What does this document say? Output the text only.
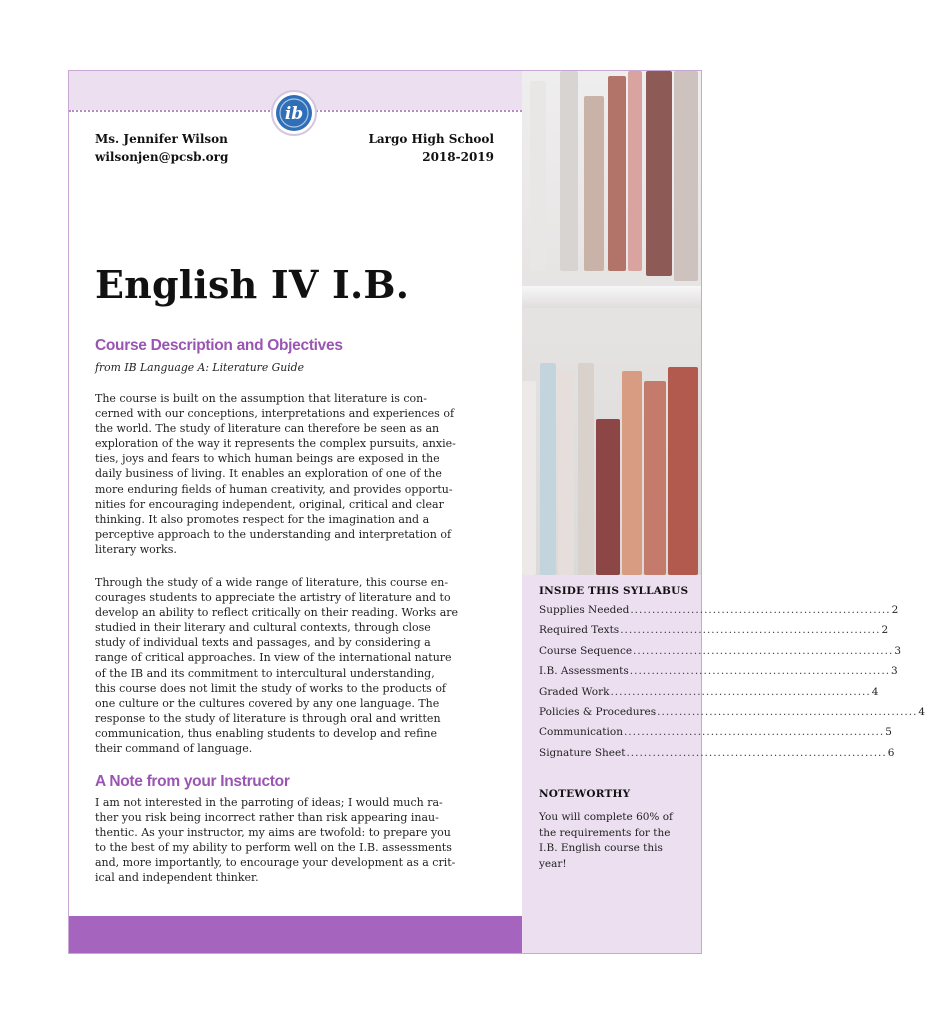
ib
Ms. Jennifer Wilson
wilsonjen@pcsb.org
Largo High School
2018-2019
English IV I.B.
Course Description and Objectives
from IB Language A: Literature Guide
The course is built on the assumption that literature is con-
cerned with our conceptions, interpretations and experiences of
the world. The study of literature can therefore be seen as an
exploration of the way it represents the complex pursuits, anxie-
ties, joys and fears to which human beings are exposed in the
daily business of living. It enables an exploration of one of the
more enduring fields of human creativity, and provides opportu-
nities for encouraging independent, original, critical and clear
thinking. It also promotes respect for the imagination and a
perceptive approach to the understanding and interpretation of
literary works.
Through the study of a wide range of literature, this course en-
courages students to appreciate the artistry of literature and to
develop an ability to reflect critically on their reading. Works are
studied in their literary and cultural contexts, through close
study of individual texts and passages, and by considering a
range of critical approaches. In view of the international nature
of the IB and its commitment to intercultural understanding,
this course does not limit the study of works to the products of
one culture or the cultures covered by any one language. The
response to the study of literature is through oral and written
communication, thus enabling students to develop and refine
their command of language.
A Note from your Instructor
I am not interested in the parroting of ideas; I would much ra-
ther you risk being incorrect rather than risk appearing inau-
thentic. As your instructor, my aims are twofold: to prepare you
to the best of my ability to perform well on the I.B. assessments
and, more importantly, to encourage your development as a crit-
ical and independent thinker.
INSIDE THIS SYLLABUS
Supplies Needed ............................................................ 2
Required Texts ............................................................ 2
Course Sequence ............................................................ 3
I.B. Assessments ............................................................ 3
Graded Work ............................................................ 4
Policies & Procedures ............................................................ 4
Communication ............................................................ 5
Signature Sheet ............................................................ 6
NOTEWORTHY
You will complete 60% of the requirements for the I.B. English course this year!
